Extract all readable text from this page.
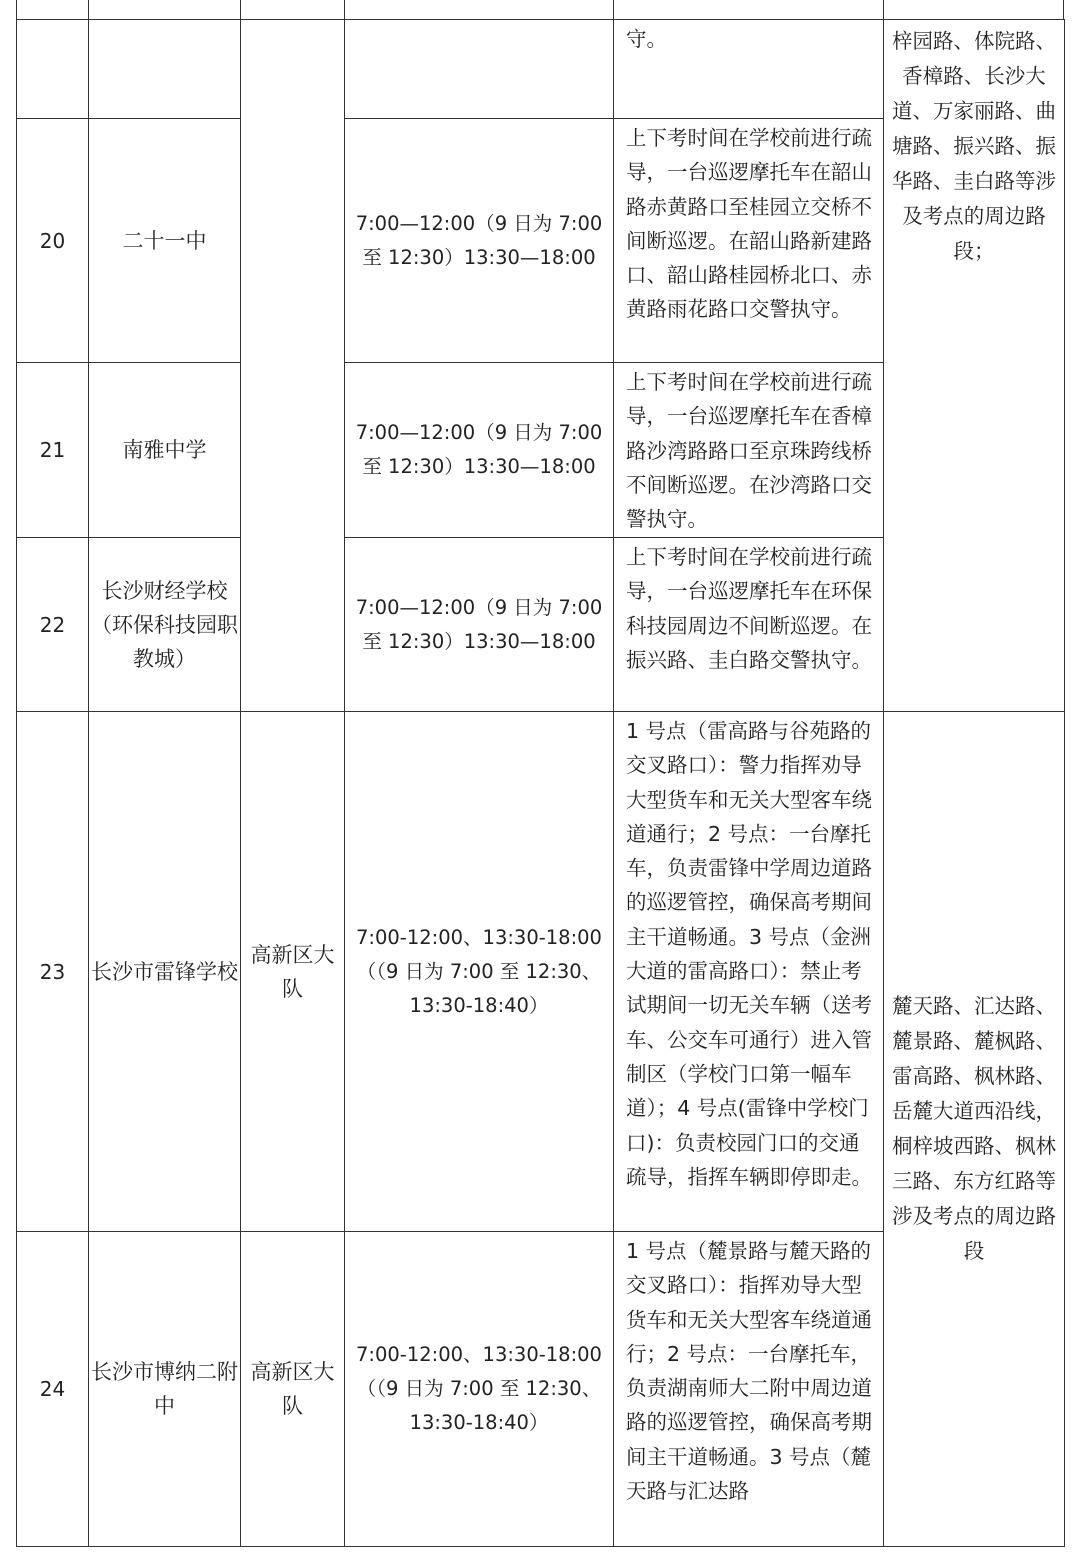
				守。	梓园路、体院路、香樟路、长沙大道、万家丽路、曲塘路、振兴路、振华路、圭白路等涉及考点的周边路段；
20	二十一中		7:00—12:00（9 日为 7:00 至 12:30）13:30—18:00	上下考时间在学校前进行疏导，一台巡逻摩托车在韶山路赤黄路口至桂园立交桥不间断巡逻。在韶山路新建路口、韶山路桂园桥北口、赤黄路雨花路口交警执守。	
21	南雅中学		7:00—12:00（9 日为 7:00 至 12:30）13:30—18:00	上下考时间在学校前进行疏导，一台巡逻摩托车在香樟路沙湾路路口至京珠跨线桥不间断巡逻。在沙湾路口交警执守。	
22	长沙财经学校（环保科技园职教城）		7:00—12:00（9 日为 7:00 至 12:30）13:30—18:00	上下考时间在学校前进行疏导，一台巡逻摩托车在环保科技园周边不间断巡逻。在振兴路、圭白路交警执守。	
23	长沙市雷锋学校	高新区大队	7:00-12:00、13:30-18:00（（9 日为 7:00 至 12:30、13:30-18:40）	1 号点（雷高路与谷苑路的交叉路口）：警力指挥劝导大型货车和无关大型客车绕道通行；2 号点：一台摩托车，负责雷锋中学周边道路的巡逻管控，确保高考期间主干道畅通。3 号点（金洲大道的雷高路口）：禁止考试期间一切无关车辆（送考车、公交车可通行）进入管制区（学校门口第一幅车道）；4 号点(雷锋中学校门口)：负责校园门口的交通疏导，指挥车辆即停即走。	麓天路、汇达路、麓景路、麓枫路、雷高路、枫林路、岳麓大道西沿线，桐梓坡西路、枫林三路、东方红路等涉及考点的周边路段
24	长沙市博纳二附中	高新区大队	7:00-12:00、13:30-18:00（（9 日为 7:00 至 12:30、13:30-18:40）	1 号点（麓景路与麓天路的交叉路口）：指挥劝导大型货车和无关大型客车绕道通行；2 号点：一台摩托车，负责湖南师大二附中周边道路的巡逻管控，确保高考期间主干道畅通。3 号点（麓天路与汇达路	
